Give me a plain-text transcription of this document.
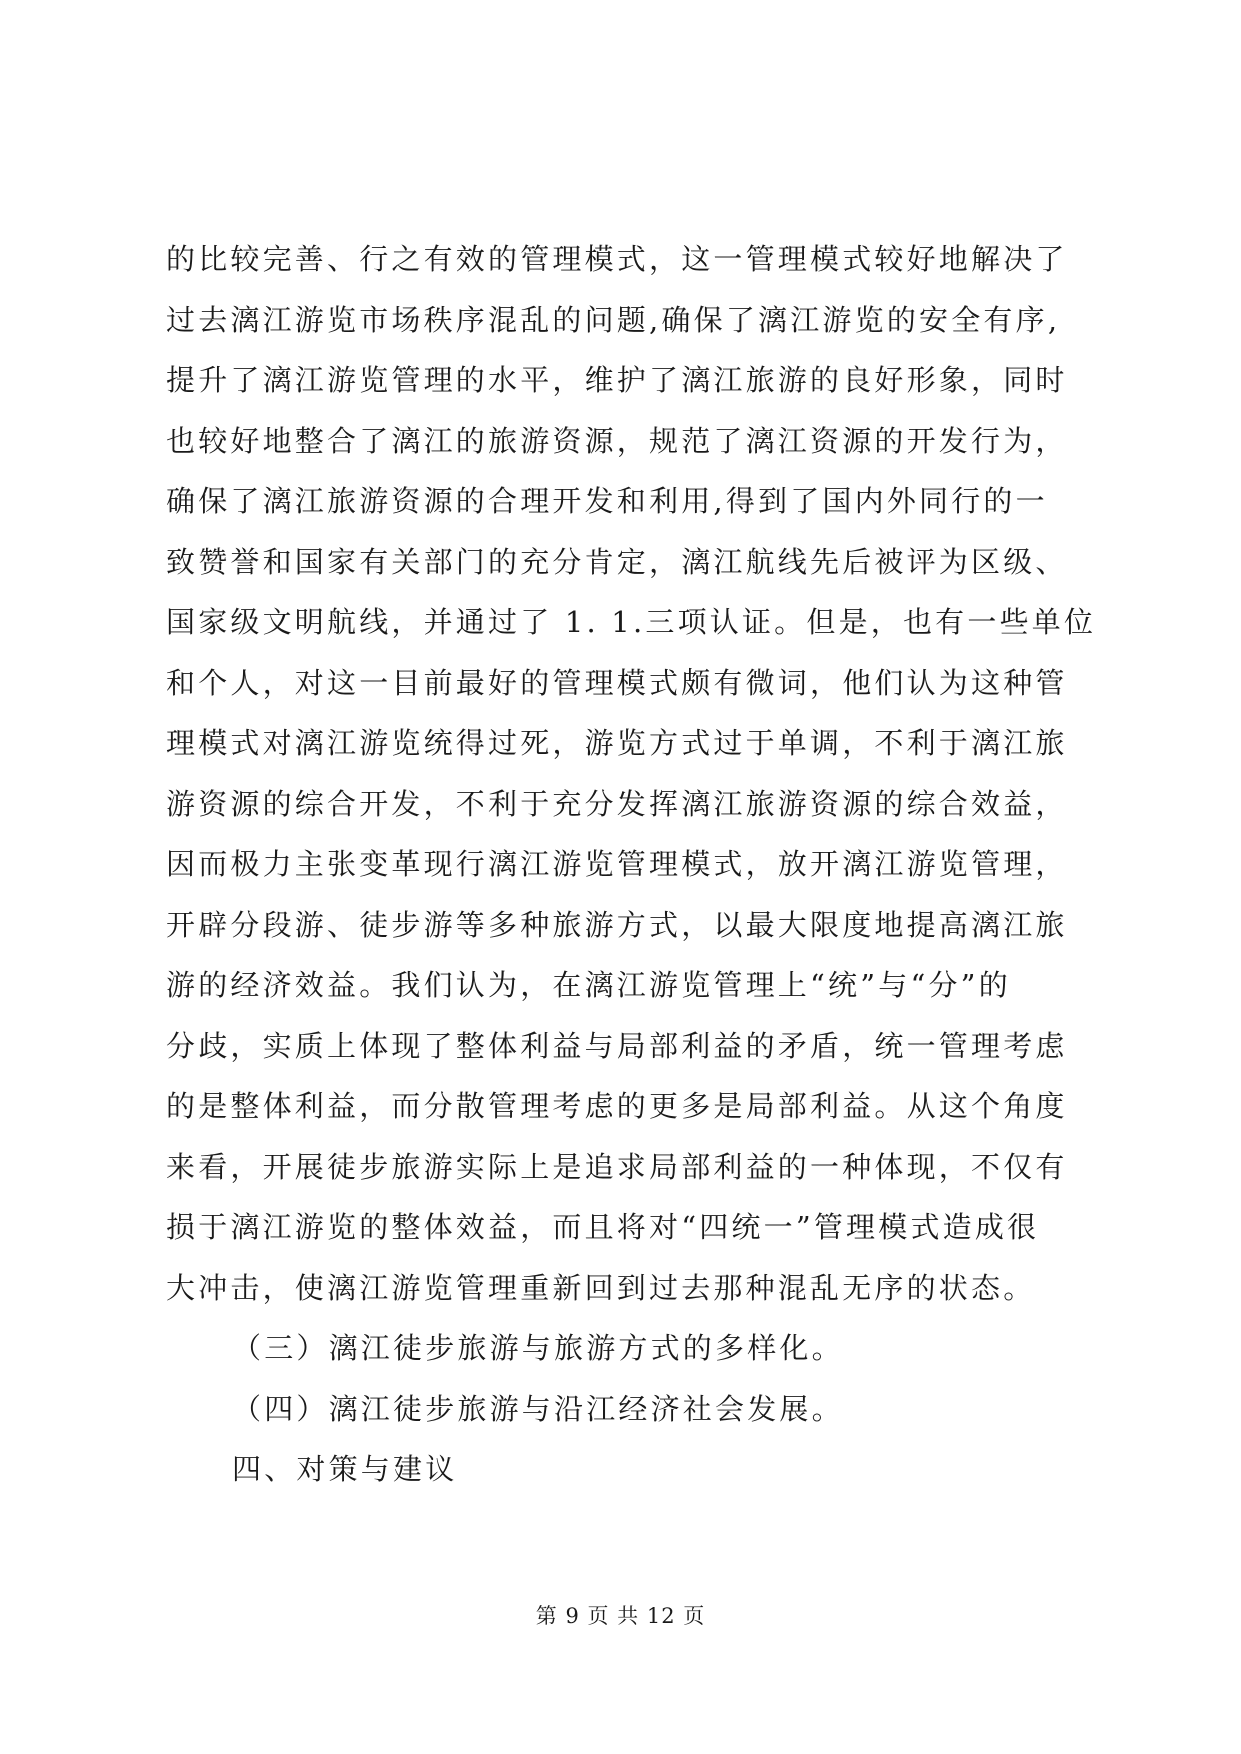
的比较完善、行之有效的管理模式，这一管理模式较好地解决了
过去漓江游览市场秩序混乱的问题,确保了漓江游览的安全有序,
提升了漓江游览管理的水平，维护了漓江旅游的良好形象，同时
也较好地整合了漓江的旅游资源，规范了漓江资源的开发行为，
确保了漓江旅游资源的合理开发和利用,得到了国内外同行的一
致赞誉和国家有关部门的充分肯定，漓江航线先后被评为区级、
国家级文明航线，并通过了 1. 1.三项认证。但是，也有一些单位
和个人，对这一目前最好的管理模式颇有微词，他们认为这种管
理模式对漓江游览统得过死，游览方式过于单调，不利于漓江旅
游资源的综合开发，不利于充分发挥漓江旅游资源的综合效益，
因而极力主张变革现行漓江游览管理模式，放开漓江游览管理，
开辟分段游、徒步游等多种旅游方式，以最大限度地提高漓江旅
游的经济效益。我们认为，在漓江游览管理上“统”与“分”的
分歧，实质上体现了整体利益与局部利益的矛盾，统一管理考虑
的是整体利益，而分散管理考虑的更多是局部利益。从这个角度
来看，开展徒步旅游实际上是追求局部利益的一种体现，不仅有
损于漓江游览的整体效益，而且将对“四统一”管理模式造成很
大冲击，使漓江游览管理重新回到过去那种混乱无序的状态。
（三）漓江徒步旅游与旅游方式的多样化。
（四）漓江徒步旅游与沿江经济社会发展。
四、对策与建议
第 9 页 共 12 页
